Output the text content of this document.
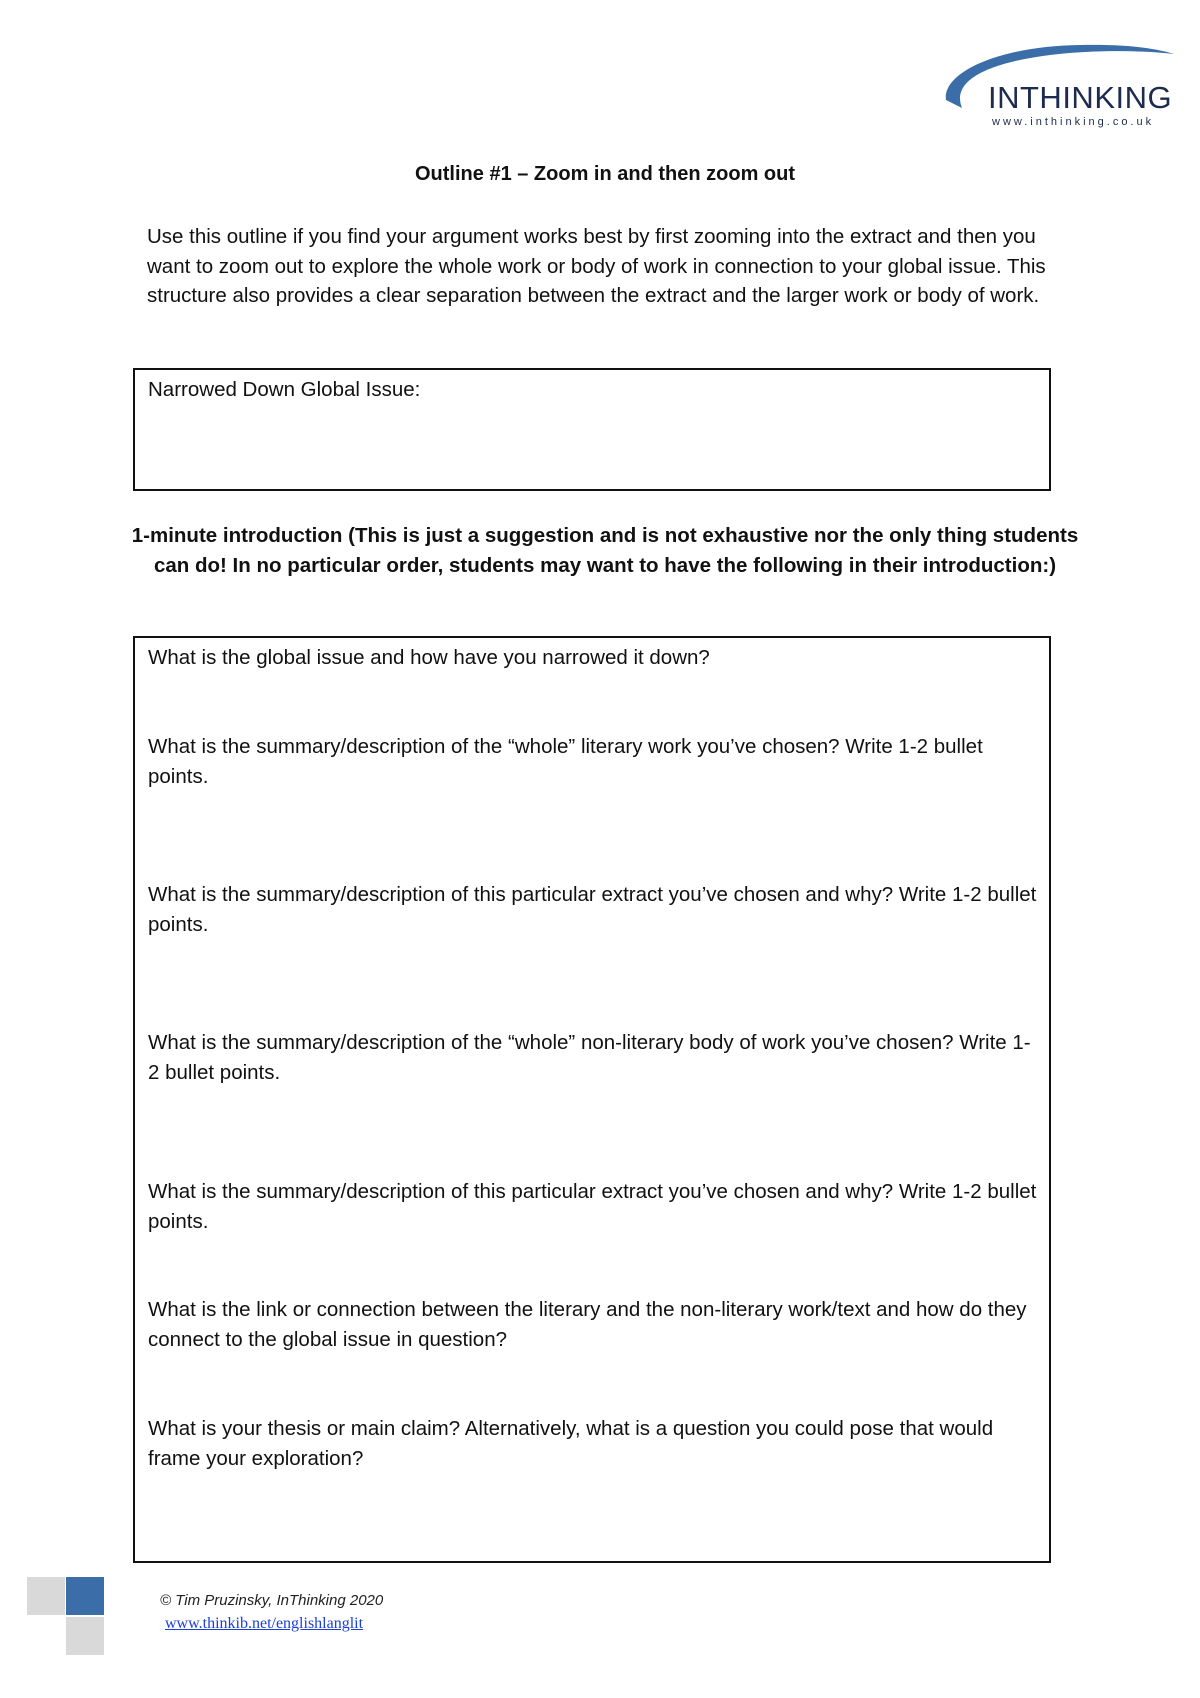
INTHINKING
www.inthinking.co.uk
Outline #1 – Zoom in and then zoom out
Use this outline if you find your argument works best by first zooming into the extract and then you want to zoom out to explore the whole work or body of work in connection to your global issue. This structure also provides a clear separation between the extract and the larger work or body of work.
Narrowed Down Global Issue:
1-minute introduction (This is just a suggestion and is not exhaustive nor the only thing students can do! In no particular order, students may want to have the following in their introduction:)
What is the global issue and how have you narrowed it down?
What is the summary/description of the “whole” literary work you’ve chosen? Write 1-2 bullet points.
What is the summary/description of this particular extract you’ve chosen and why? Write 1-2 bullet points.
What is the summary/description of the “whole” non-literary body of work you’ve chosen? Write 1-2 bullet points.
What is the summary/description of this particular extract you’ve chosen and why? Write 1-2 bullet points.
What is the link or connection between the literary and the non-literary work/text and how do they connect to the global issue in question?
What is your thesis or main claim? Alternatively, what is a question you could pose that would frame your exploration?
© Tim Pruzinsky, InThinking 2020
www.thinkib.net/englishlanglit
